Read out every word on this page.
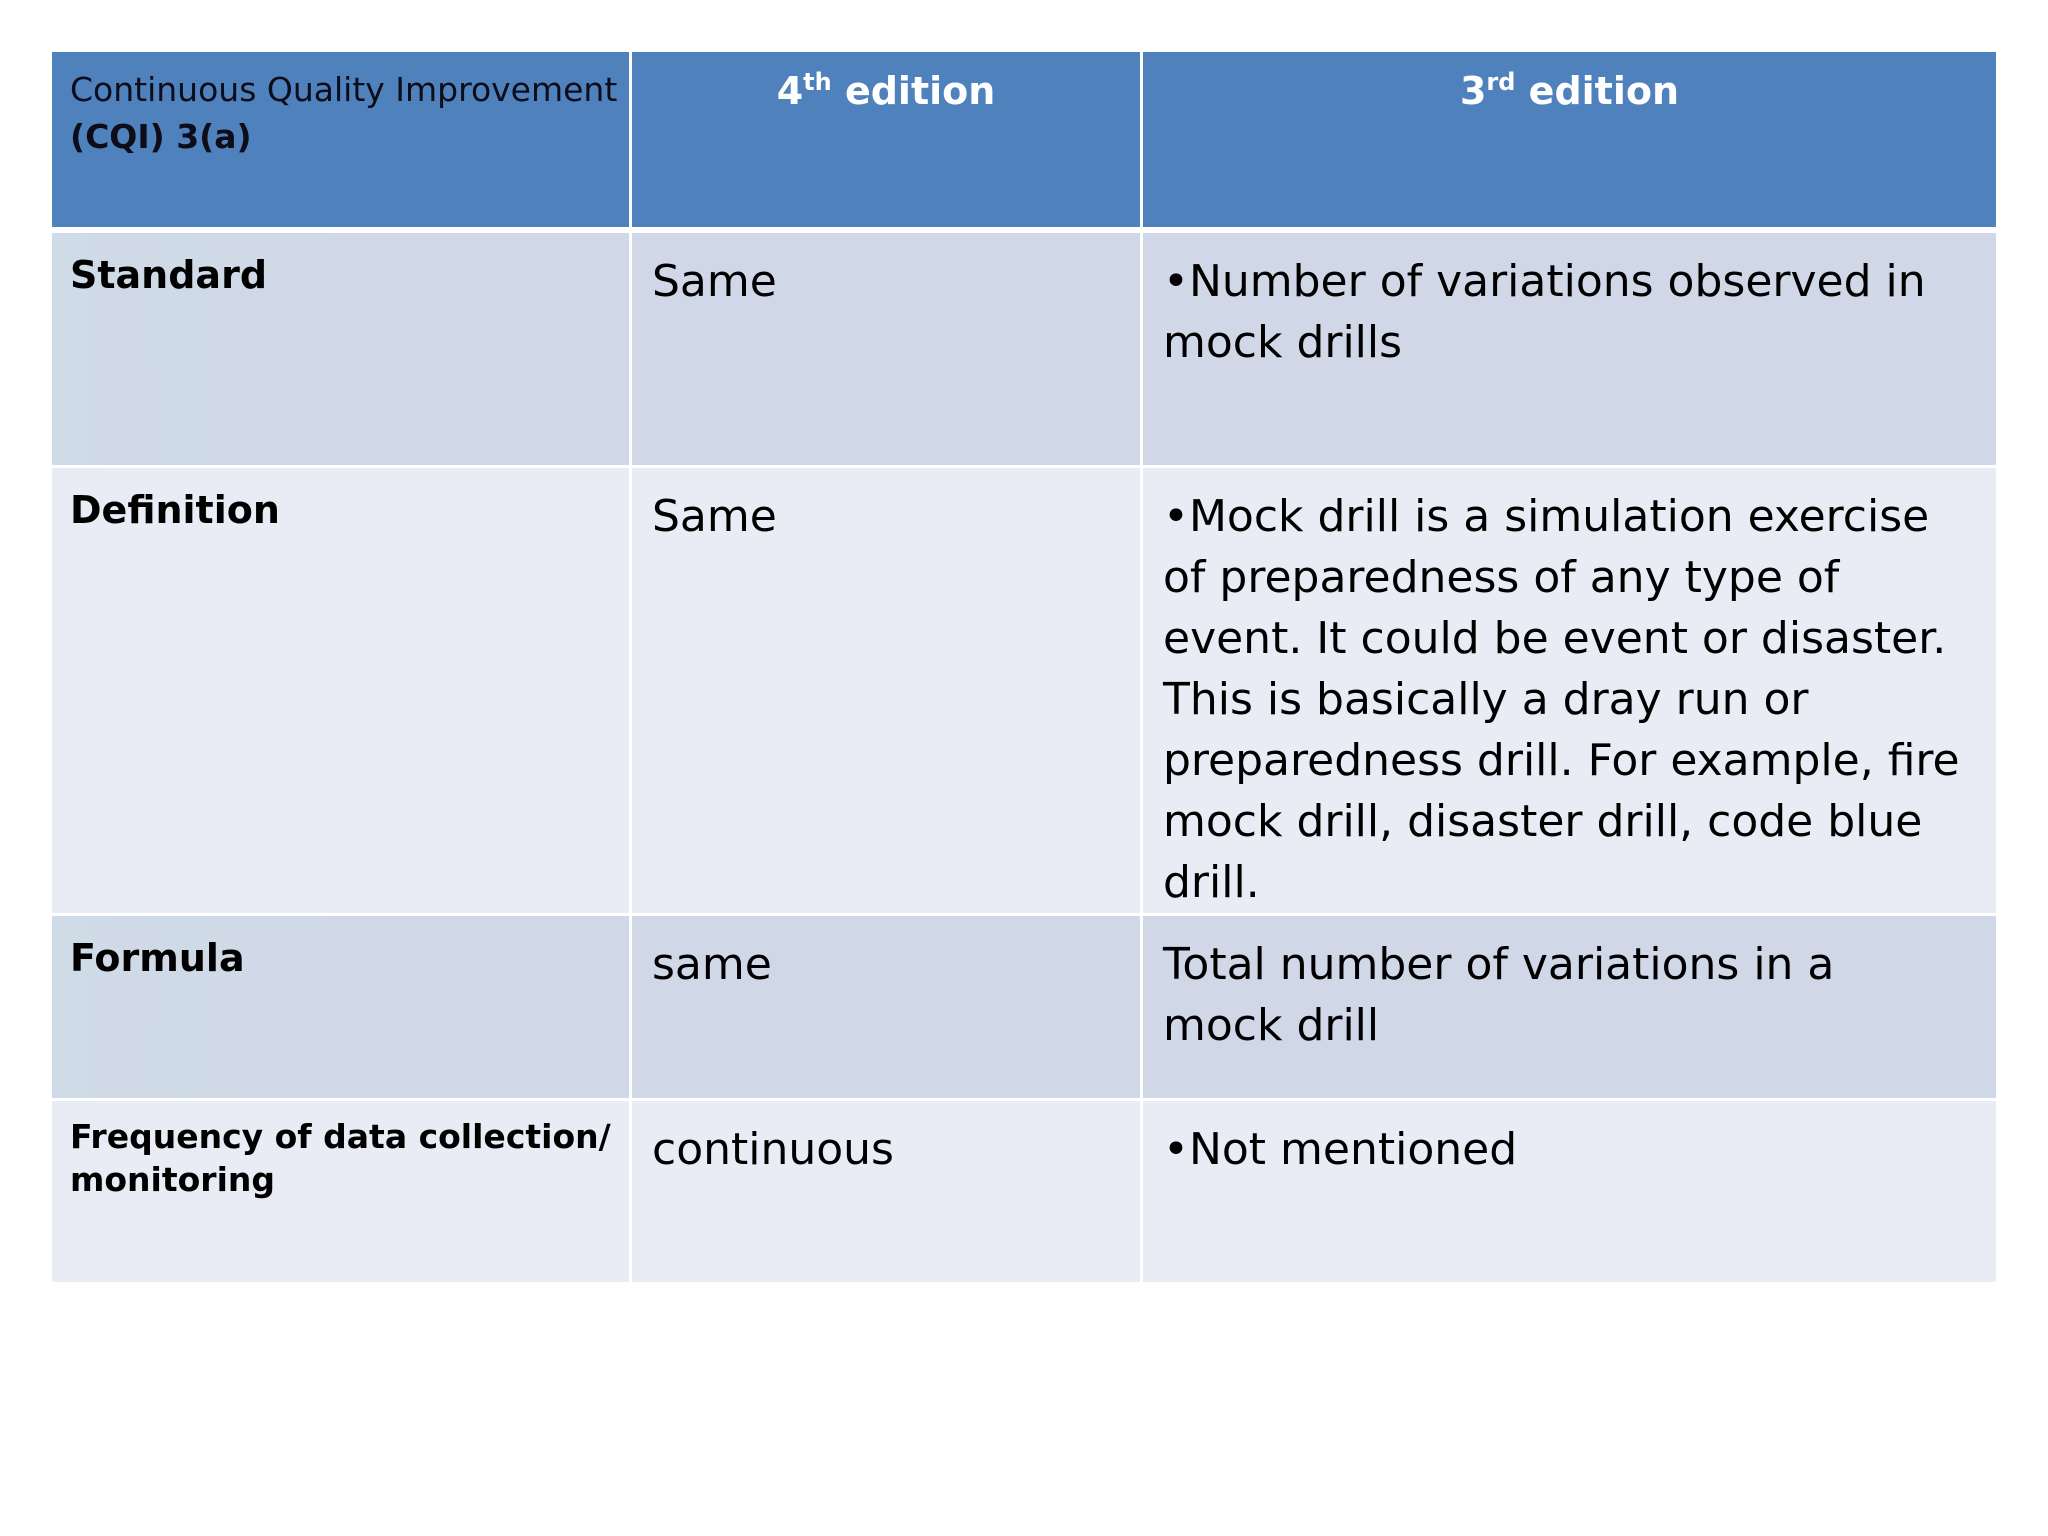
Continuous Quality Improvement
(CQI) 3(a)	4th edition	3rd edition
Standard	Same	•Number of variations observed in mock drills
Definition	Same	•Mock drill is a simulation exercise of preparedness of any type of event. It could be event or disaster. This is basically a dray run or preparedness drill. For example, fire mock drill, disaster drill, code blue drill.
Formula	same	Total number of variations in a mock drill
Frequency of data collection/ monitoring	continuous	•Not mentioned
